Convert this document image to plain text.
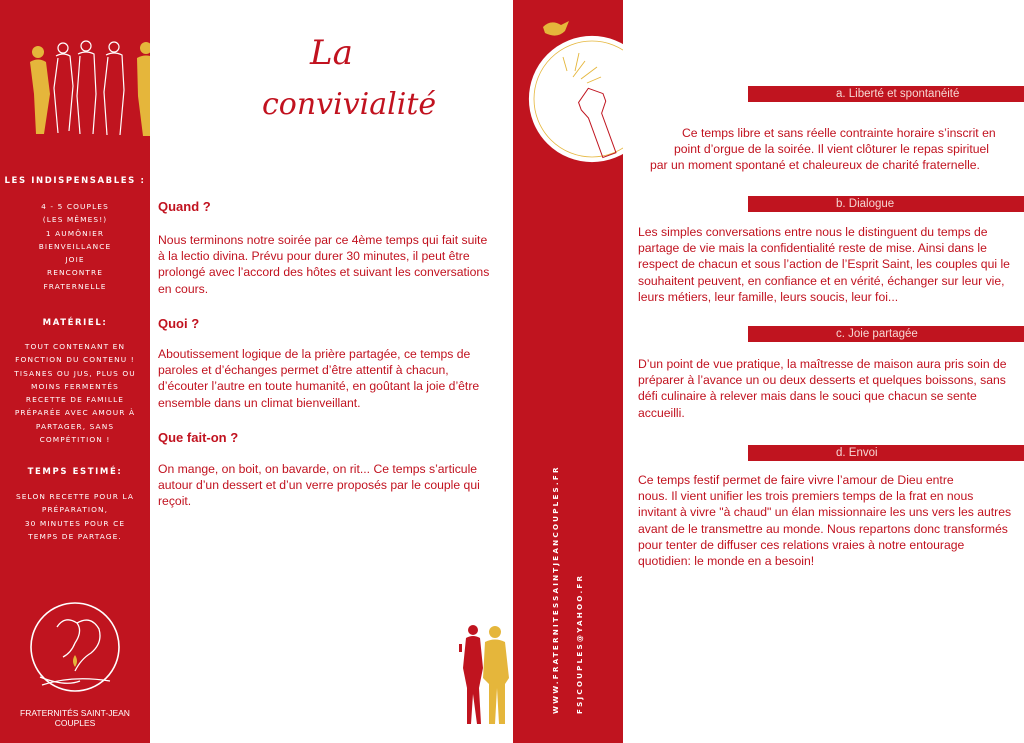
LES INDISPENSABLES :
4 - 5 COUPLES
(LES MÊMES!)
1 AUMÔNIER
BIENVEILLANCE
JOIE
RENCONTRE
FRATERNELLE
MATÉRIEL:
TOUT CONTENANT EN
FONCTION DU CONTENU !
TISANES OU JUS, PLUS OU
MOINS FERMENTÉS
RECETTE DE FAMILLE
PRÉPARÉE AVEC AMOUR À
PARTAGER, SANS
COMPÉTITION !
TEMPS ESTIMÉ:
SELON RECETTE POUR LA
PRÉPARATION,
30 MINUTES POUR CE
TEMPS DE PARTAGE.
FRATERNITÉS SAINT-JEAN
COUPLES
La
convivialité
Quand ?
Nous terminons notre soirée par ce 4ème temps qui fait suite
à la lectio divina. Prévu pour durer 30 minutes, il peut être
prolongé avec l’accord des hôtes et suivant les conversations
en cours.
Quoi ?
Aboutissement logique de la prière partagée, ce temps de
paroles et d’échanges permet d’être attentif à chacun,
d’écouter l’autre en toute humanité, en goûtant la joie d’être
ensemble dans un climat bienveillant.
Que fait-on ?
On mange, on boit, on bavarde, on rit... Ce temps s’articule
autour d’un dessert et d’un verre proposés par le couple qui
reçoit.	WWW.FRATERNITESSAINTJEANCOUPLES.FR FSJCOUPLES@YAHOO.FR
a. Liberté et spontanéité
Ce temps libre et sans réelle contrainte horaire s’inscrit en
point d’orgue de la soirée. Il vient clôturer le repas spirituel
par un moment spontané et chaleureux de charité fraternelle.
b. Dialogue
Les simples conversations entre nous le distinguent du temps de
partage de vie mais la confidentialité reste de mise. Ainsi dans le
respect de chacun et sous l’action de l’Esprit Saint, les couples qui le
souhaitent peuvent, en confiance et en vérité, échanger sur leur vie,
leurs métiers, leur famille, leurs soucis, leur foi...
c. Joie partagée
D’un point de vue pratique, la maîtresse de maison aura pris soin de
préparer à l’avance un ou deux desserts et quelques boissons, sans
défi culinaire à relever mais dans le souci que chacun se sente
accueilli.
d. Envoi
Ce temps festif permet de faire vivre l’amour de Dieu entre
nous. Il vient unifier les trois premiers temps de la frat en nous
invitant à vivre "à chaud" un élan missionnaire les uns vers les autres
avant de le transmettre au monde. Nous repartons donc transformés
pour tenter de diffuser ces relations vraies à notre entourage
quotidien: le monde en a besoin!
